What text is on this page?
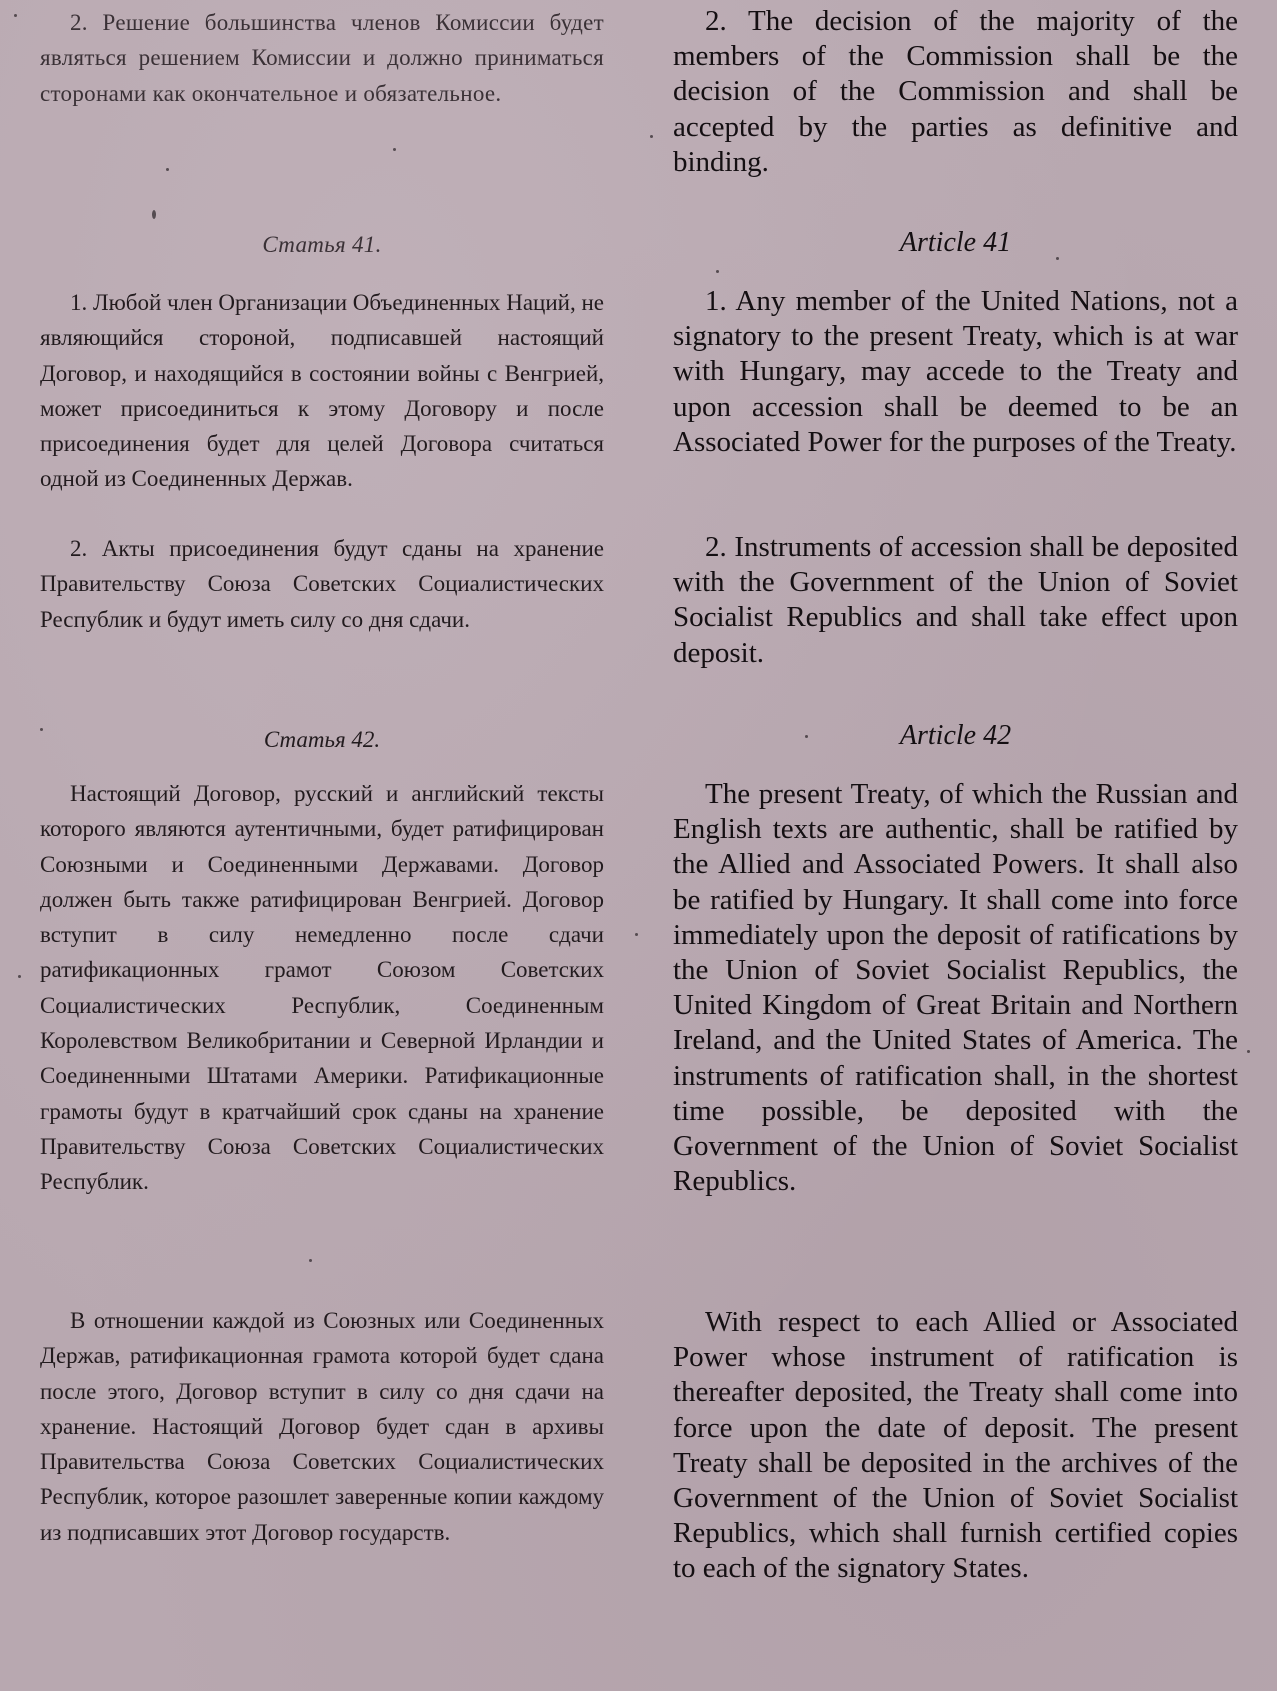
2. Решение большинства членов Комиссии будет являться решением Комиссии и должно приниматься сторонами как окончательное и обязательное.

Статья 41.

1. Любой член Организации Объединенных Наций, не являющийся стороной, подписавшей настоящий Договор, и находящийся в состоянии войны с Венгрией, может присоединиться к этому Договору и после присоединения будет для целей Договора считаться одной из Соединенных Держав.

2. Акты присоединения будут сданы на хранение Правительству Союза Советских Социалистических Республик и будут иметь силу со дня сдачи.

Статья 42.

Настоящий Договор, русский и английский тексты которого являются аутентичными, будет ратифицирован Союзными и Соединенными Державами. Договор должен быть также ратифицирован Венгрией. Договор вступит в силу немедленно после сдачи ратификационных грамот Союзом Советских Социалистических Республик, Соединенным Королевством Великобритании и Северной Ирландии и Соединенными Штатами Америки. Ратификационные грамоты будут в кратчайший срок сданы на хранение Правительству Союза Советских Социалистических Республик.

В отношении каждой из Союзных или Соединенных Держав, ратификационная грамота которой будет сдана после этого, Договор вступит в силу со дня сдачи на хранение. Настоящий Договор будет сдан в архивы Правительства Союза Советских Социалистических Республик, которое разошлет заверенные копии каждому из подписавших этот Договор государств.

2. The decision of the majority of the members of the Commission shall be the decision of the Commission and shall be accepted by the parties as definitive and binding.

Article 41

1. Any member of the United Nations, not a signatory to the present Treaty, which is at war with Hungary, may accede to the Treaty and upon accession shall be deemed to be an Associated Power for the purposes of the Treaty.

2. Instruments of accession shall be deposited with the Government of the Union of Soviet Socialist Republics and shall take effect upon deposit.

Article 42

The present Treaty, of which the Russian and English texts are authentic, shall be ratified by the Allied and Associated Powers. It shall also be ratified by Hungary. It shall come into force immediately upon the deposit of ratifications by the Union of Soviet Socialist Republics, the United Kingdom of Great Britain and Northern Ireland, and the United States of America. The instruments of ratification shall, in the shortest time possible, be deposited with the Government of the Union of Soviet Socialist Republics.

With respect to each Allied or Associated Power whose instrument of ratification is thereafter deposited, the Treaty shall come into force upon the date of deposit. The present Treaty shall be deposited in the archives of the Government of the Union of Soviet Socialist Republics, which shall furnish certified copies to each of the signatory States.
